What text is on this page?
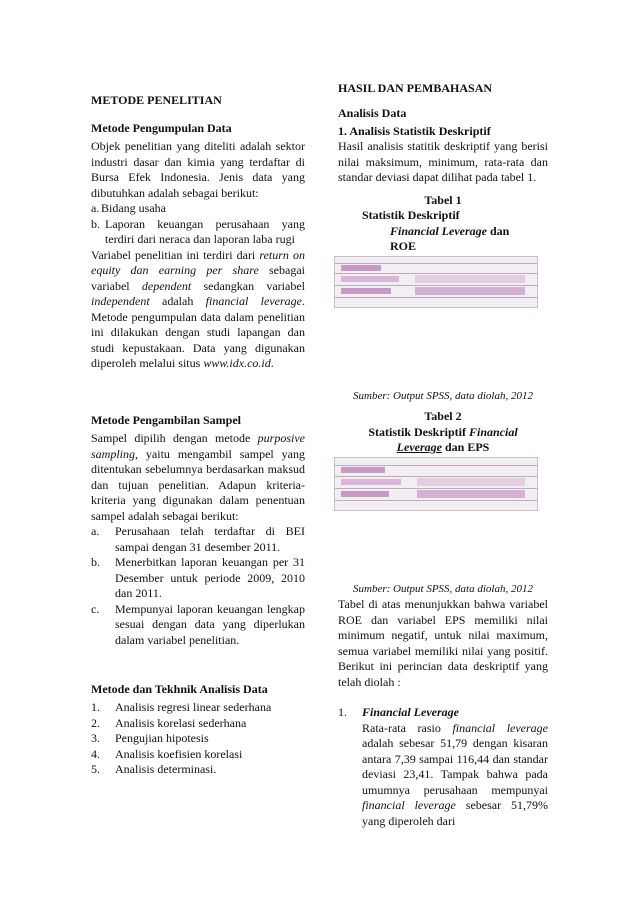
METODE PENELITIAN

Metode Pengumpulan Data

Objek penelitian yang diteliti adalah sektor industri dasar dan kimia yang terdaftar di Bursa Efek Indonesia. Jenis data yang dibutuhkan adalah sebagai berikut:

a. Bidang usaha
b. Laporan keuangan perusahaan yang terdiri dari neraca dan laporan laba rugi

Variabel penelitian ini terdiri dari return on equity dan earning per share sebagai variabel dependent sedangkan variabel independent adalah financial leverage. Metode pengumpulan data dalam penelitian ini dilakukan dengan studi lapangan dan studi kepustakaan. Data yang digunakan diperoleh melalui situs www.idx.co.id.

Metode Pengambilan Sampel

Sampel dipilih dengan metode purposive sampling, yaitu mengambil sampel yang ditentukan sebelumnya berdasarkan maksud dan tujuan penelitian. Adapun kriteria-kriteria yang digunakan dalam penentuan sampel adalah sebagai berikut:

a.	Perusahaan telah terdaftar di BEI sampai dengan 31 desember 2011.
b.	Menerbitkan laporan keuangan per 31 Desember untuk periode 2009, 2010 dan 2011.
c.	Mempunyai laporan keuangan lengkap sesuai dengan data yang diperlukan dalam variabel penelitian.

Metode dan Tekhnik Analisis Data

1.	Analisis regresi linear sederhana
2.	Analisis korelasi sederhana
3.	Pengujian hipotesis
4.	Analisis koefisien korelasi
5.	Analisis determinasi.

HASIL DAN PEMBAHASAN

Analisis Data

1. Analisis Statistik Deskriptif

Hasil analisis statitik deskriptif yang berisi nilai maksimum, minimum, rata-rata dan standar deviasi dapat dilihat pada tabel 1.

Tabel 1

Statistik Deskriptif

Financial Leverage dan

ROE

Sumber: Output SPSS, data diolah, 2012

Tabel 2

Statistik Deskriptif Financial

Leverage dan EPS

Sumber: Output SPSS, data diolah, 2012

Tabel di atas menunjukkan bahwa variabel ROE dan variabel EPS memiliki nilai minimum negatif, untuk nilai maximum, semua variabel memiliki nilai yang positif. Berikut ini perincian data deskriptif yang telah diolah :

1.	Financial Leverage
Rata-rata rasio financial leverage adalah sebesar 51,79 dengan kisaran antara 7,39 sampai 116,44 dan standar deviasi 23,41. Tampak bahwa pada umumnya perusahaan mempunyai financial leverage sebesar 51,79% yang diperoleh dari
